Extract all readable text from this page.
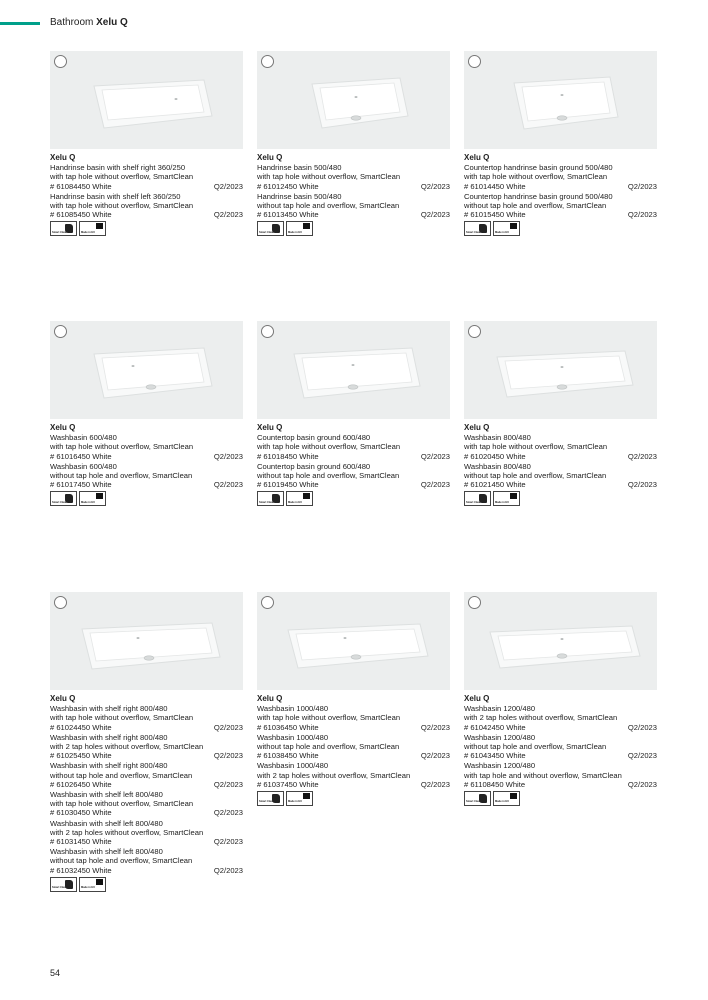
Bathroom Xelu Q
Xelu Q
Handrinse basin with shelf right 360/250
with tap hole without overflow, SmartClean
# 61084450 White	Q2/2023
Handrinse basin with shelf left 360/250
with tap hole without overflow, SmartClean
# 61085450 White	Q2/2023
Smart Clean	Made in EU
Xelu Q
Handrinse basin 500/480
with tap hole without overflow, SmartClean
# 61012450 White	Q2/2023
Handrinse basin 500/480
without tap hole and overflow, SmartClean
# 61013450 White	Q2/2023
Smart Clean	Made in EU
Xelu Q
Countertop handrinse basin ground 500/480
with tap hole without overflow, SmartClean
# 61014450 White	Q2/2023
Countertop handrinse basin ground 500/480
without tap hole and overflow, SmartClean
# 61015450 White	Q2/2023
Smart Clean	Made in EU
Xelu Q
Washbasin 600/480
with tap hole without overflow, SmartClean
# 61016450 White	Q2/2023
Washbasin 600/480
without tap hole and overflow, SmartClean
# 61017450 White	Q2/2023
Smart Clean	Made in EU
Xelu Q
Countertop basin ground 600/480
with tap hole without overflow, SmartClean
# 61018450 White	Q2/2023
Countertop basin ground 600/480
without tap hole and overflow, SmartClean
# 61019450 White	Q2/2023
Smart Clean	Made in EU
Xelu Q
Washbasin 800/480
with tap hole without overflow, SmartClean
# 61020450 White	Q2/2023
Washbasin 800/480
without tap hole and overflow, SmartClean
# 61021450 White	Q2/2023
Smart Clean	Made in EU
Xelu Q
Washbasin with shelf right 800/480
with tap hole without overflow, SmartClean
# 61024450 White	Q2/2023
Washbasin with shelf right 800/480
with 2 tap holes without overflow, SmartClean
# 61025450 White	Q2/2023
Washbasin with shelf right 800/480
without tap hole and overflow, SmartClean
# 61026450 White	Q2/2023
Washbasin with shelf left 800/480
with tap hole without overflow, SmartClean
# 61030450 White	Q2/2023
Washbasin with shelf left 800/480
with 2 tap holes without overflow, SmartClean
# 61031450 White	Q2/2023
Washbasin with shelf left 800/480
without tap hole and overflow, SmartClean
# 61032450 White	Q2/2023
Smart Clean	Made in EU
Xelu Q
Washbasin 1000/480
with tap hole without overflow, SmartClean
# 61036450 White	Q2/2023
Washbasin 1000/480
without tap hole and overflow, SmartClean
# 61038450 White	Q2/2023
Washbasin 1000/480
with 2 tap holes without overflow, SmartClean
# 61037450 White	Q2/2023
Smart Clean	Made in EU
Xelu Q
Washbasin 1200/480
with 2 tap holes without overflow, SmartClean
# 61042450 White	Q2/2023
Washbasin 1200/480
without tap hole and overflow, SmartClean
# 61043450 White	Q2/2023
Washbasin 1200/480
with tap hole and without overflow, SmartClean
# 61108450 White	Q2/2023
Smart Clean	Made in EU
54
